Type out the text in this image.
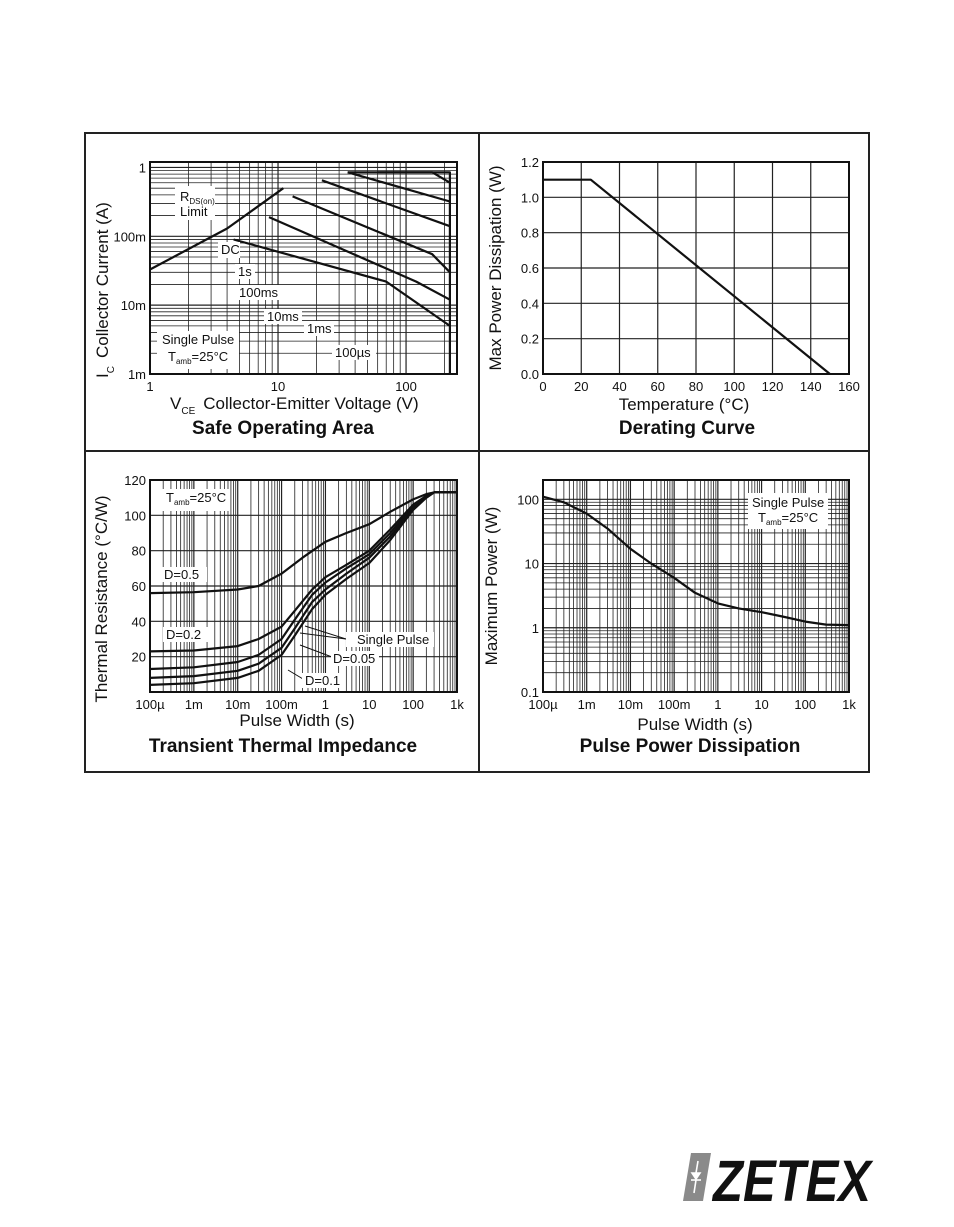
1	10	100
1
100m
10m
1m
$R_{DS(on)}$
Limit
DC
1s
100ms
10ms
1ms
100µs
Single Pulse
$T_{amb}=25^\circ C$
$V_{CE}$ Collector-Emitter Voltage (V)
$I_CCollector$ Current (A)
Safe Operating Area
0 20 40 60 80 100 120 140 160
0.0
0.2
0.4
0.6
0.8
1.0
1.2
Temperature (°C)
Max Power Dissipation (W)
Derating Curve
100µ 1m 10m 100m 1	10 100 1k
20
40
60
80
100
120
$T_{amb}=25^\circ C$
D=0.5
D=0.2	Single Pulse
D=0.05
D=0.1
Pulse Width (s)
Thermal Resistance (°C/W)
Transient Thermal Impedance
100µ 1m 10m 100m 1	10 100 1k
0.1
1
10
100	Single Pulse
$T_{amb}=25^\circ C$
Pulse Width (s)
Maximum Power (W)
Pulse Power Dissipation
ZETEX
